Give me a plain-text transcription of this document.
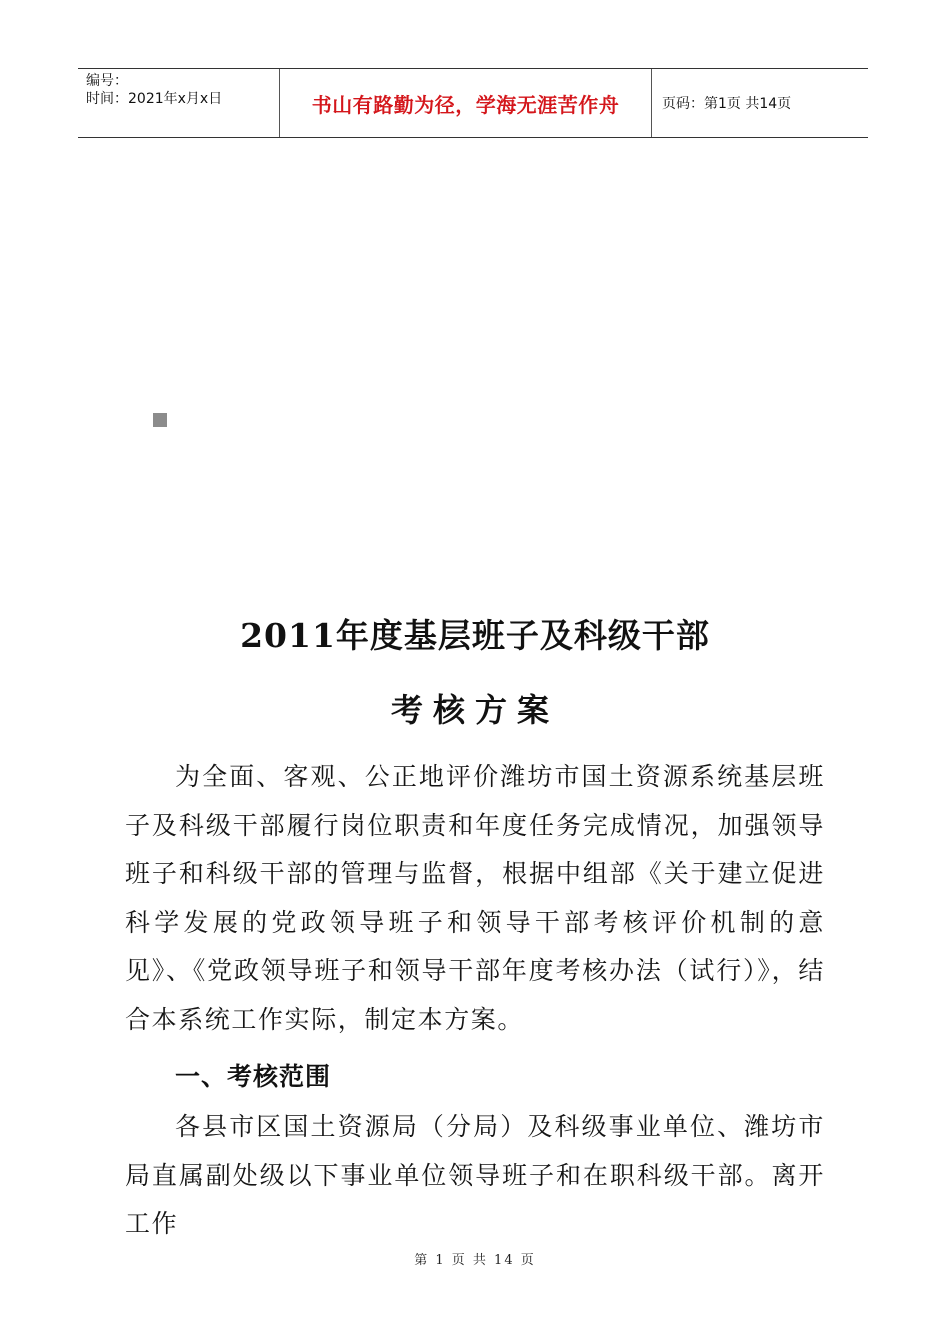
编号：
时间：2021年x月x日	书山有路勤为径，学海无涯苦作舟	页码：第1页 共14页
2011年度基层班子及科级干部
考核方案
为全面、客观、公正地评价潍坊市国土资源系统基层班子及科级干部履行岗位职责和年度任务完成情况，加强领导班子和科级干部的管理与监督，根据中组部《关于建立促进科学发展的党政领导班子和领导干部考核评价机制的意见》、《党政领导班子和领导干部年度考核办法（试行）》，结合本系统工作实际，制定本方案。
一、考核范围
各县市区国土资源局（分局）及科级事业单位、潍坊市局直属副处级以下事业单位领导班子和在职科级干部。离开工作
第 1 页 共 14 页
